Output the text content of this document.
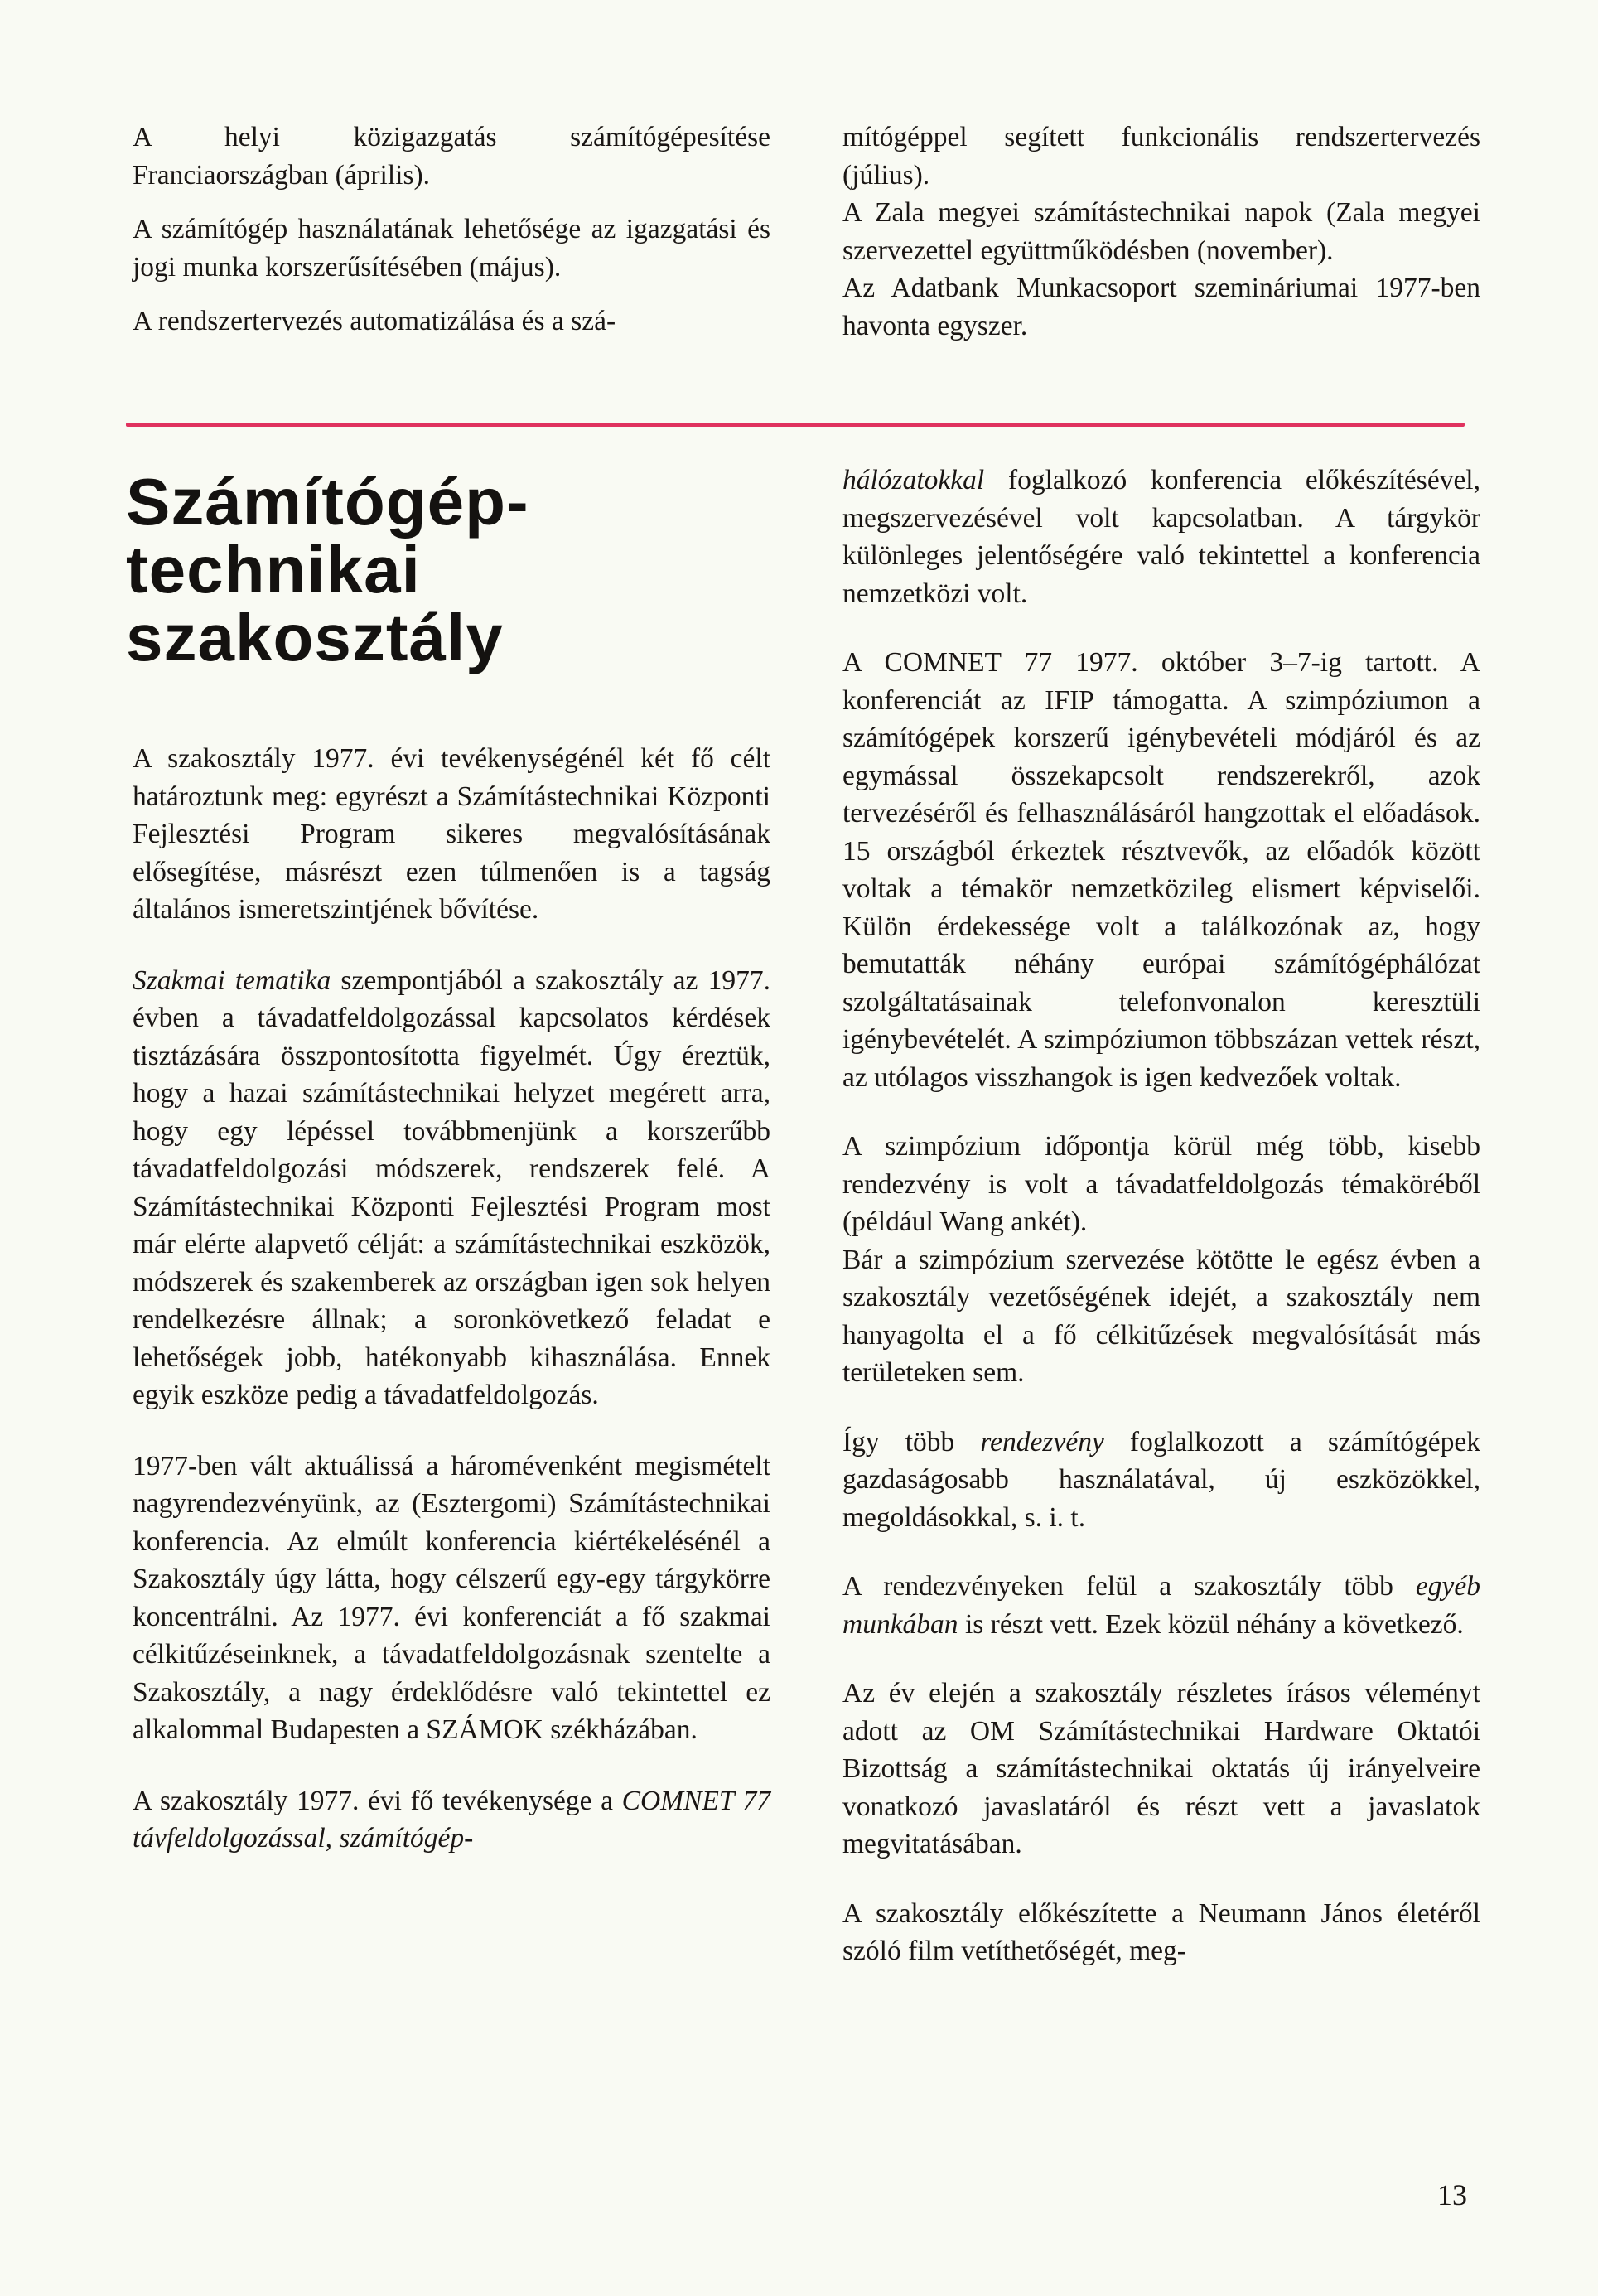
A helyi közigazgatás számítógépesítése Franciaországban (április).

A számítógép használatának lehetősége az igazgatási és jogi munka korszerűsítésében (május).

A rendszertervezés automatizálása és a szá-

mítógéppel segített funkcionális rendszertervezés (július).

A Zala megyei számítástechnikai napok (Zala megyei szervezettel együttműködésben (november).

Az Adatbank Munkacsoport szemináriumai 1977-ben havonta egyszer.

Számítógép-
technikai
szakosztály

A szakosztály 1977. évi tevékenységénél két fő célt határoztunk meg: egyrészt a Számítástechnikai Központi Fejlesztési Program sikeres megvalósításának elősegítése, másrészt ezen túlmenően is a tagság általános ismeretszintjének bővítése.

Szakmai tematika szempontjából a szakosztály az 1977. évben a távadatfeldolgozással kapcsolatos kérdések tisztázására összpontosította figyelmét. Úgy éreztük, hogy a hazai számítástechnikai helyzet megérett arra, hogy egy lépéssel továbbmenjünk a korszerűbb távadatfeldolgozási módszerek, rendszerek felé. A Számítástechnikai Központi Fejlesztési Program most már elérte alapvető célját: a számítástechnikai eszközök, módszerek és szakemberek az országban igen sok helyen rendelkezésre állnak; a soronkövetkező feladat e lehetőségek jobb, hatékonyabb kihasználása. Ennek egyik eszköze pedig a távadatfeldolgozás.

1977-ben vált aktuálissá a háromévenként megismételt nagyrendezvényünk, az (Esztergomi) Számítástechnikai konferencia. Az elmúlt konferencia kiértékelésénél a Szakosztály úgy látta, hogy célszerű egy-egy tárgykörre koncentrálni. Az 1977. évi konferenciát a fő szakmai célkitűzéseinknek, a távadatfeldolgozásnak szentelte a Szakosztály, a nagy érdeklődésre való tekintettel ez alkalommal Budapesten a SZÁMOK székházában.

A szakosztály 1977. évi fő tevékenysége a COMNET 77 távfeldolgozással, számítógép-

hálózatokkal foglalkozó konferencia előkészítésével, megszervezésével volt kapcsolatban. A tárgykör különleges jelentőségére való tekintettel a konferencia nemzetközi volt.

A COMNET 77 1977. október 3–7-ig tartott. A konferenciát az IFIP támogatta. A szimpóziumon a számítógépek korszerű igénybevételi módjáról és az egymással összekapcsolt rendszerekről, azok tervezéséről és felhasználásáról hangzottak el előadások. 15 országból érkeztek résztvevők, az előadók között voltak a témakör nemzetközileg elismert képviselői. Külön érdekessége volt a találkozónak az, hogy bemutatták néhány európai számítógéphálózat szolgáltatásainak telefonvonalon keresztüli igénybevételét. A szimpóziumon többszázan vettek részt, az utólagos visszhangok is igen kedvezőek voltak.

A szimpózium időpontja körül még több, kisebb rendezvény is volt a távadatfeldolgozás témaköréből (például Wang ankét).

Bár a szimpózium szervezése kötötte le egész évben a szakosztály vezetőségének idejét, a szakosztály nem hanyagolta el a fő célkitűzések megvalósítását más területeken sem.

Így több rendezvény foglalkozott a számítógépek gazdaságosabb használatával, új eszközökkel, megoldásokkal, s. i. t.

A rendezvényeken felül a szakosztály több egyéb munkában is részt vett. Ezek közül néhány a következő.

Az év elején a szakosztály részletes írásos véleményt adott az OM Számítástechnikai Hardware Oktatói Bizottság a számítástechnikai oktatás új irányelveire vonatkozó javaslatáról és részt vett a javaslatok megvitatásában.

A szakosztály előkészítette a Neumann János életéről szóló film vetíthetőségét, meg-

13
